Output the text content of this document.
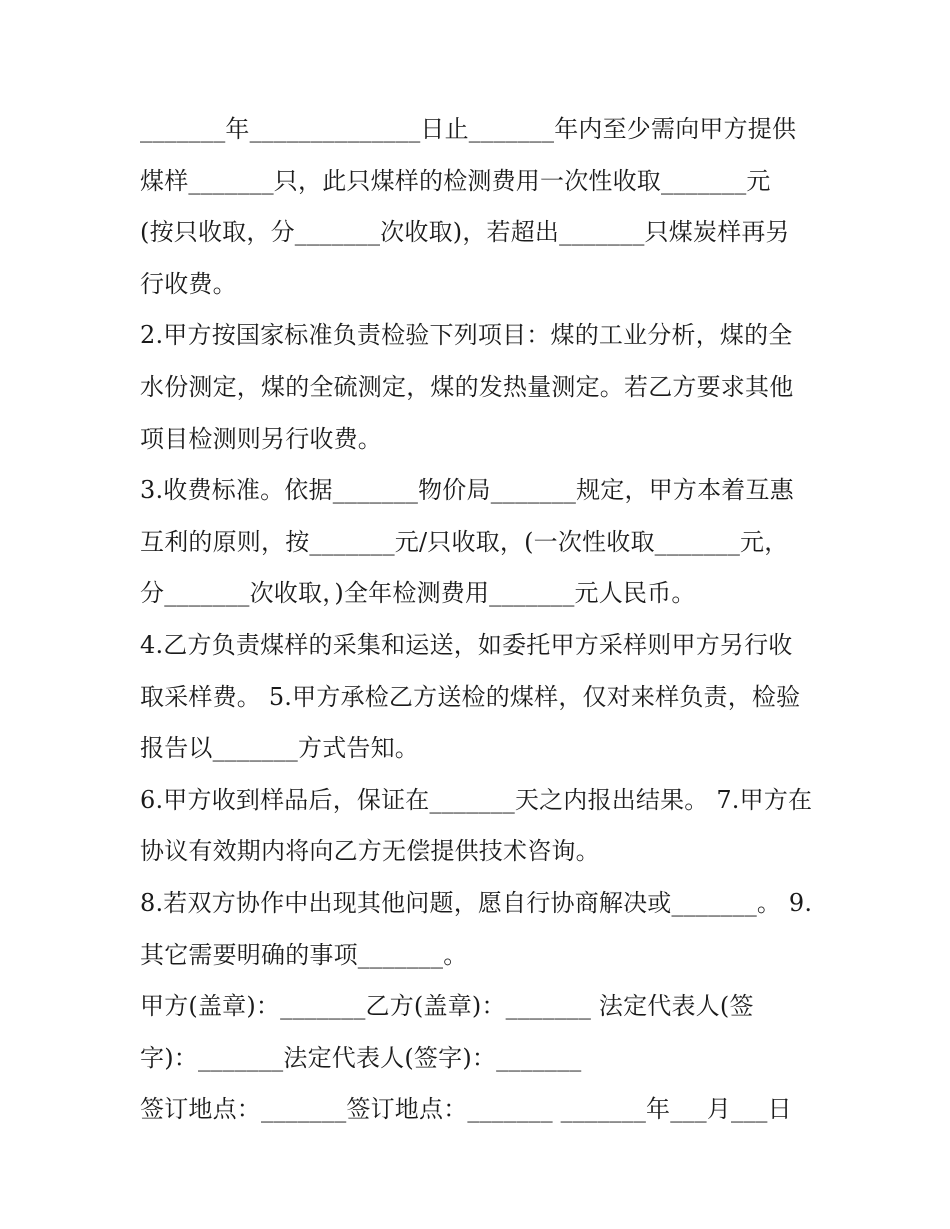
_______年______________日止_______年内至少需向甲方提供
煤样_______只，此只煤样的检测费用一次性收取_______元
(按只收取，分_______次收取)，若超出_______只煤炭样再另
行收费。
2.甲方按国家标准负责检验下列项目：煤的工业分析，煤的全
水份测定，煤的全硫测定，煤的发热量测定。若乙方要求其他
项目检测则另行收费。
3.收费标准。依据_______物价局_______规定，甲方本着互惠
互利的原则，按_______元/只收取，(一次性收取_______元，
分_______次收取，)全年检测费用_______元人民币。
4.乙方负责煤样的采集和运送，如委托甲方采样则甲方另行收
取采样费。 5.甲方承检乙方送检的煤样，仅对来样负责，检验
报告以_______方式告知。
6.甲方收到样品后，保证在_______天之内报出结果。 7.甲方在
协议有效期内将向乙方无偿提供技术咨询。
8.若双方协作中出现其他问题，愿自行协商解决或_______。 9.
其它需要明确的事项_______。
甲方(盖章)：_______乙方(盖章)：_______ 法定代表人(签
字)：_______法定代表人(签字)：_______
签订地点：_______签订地点：_______ _______年___月___日
